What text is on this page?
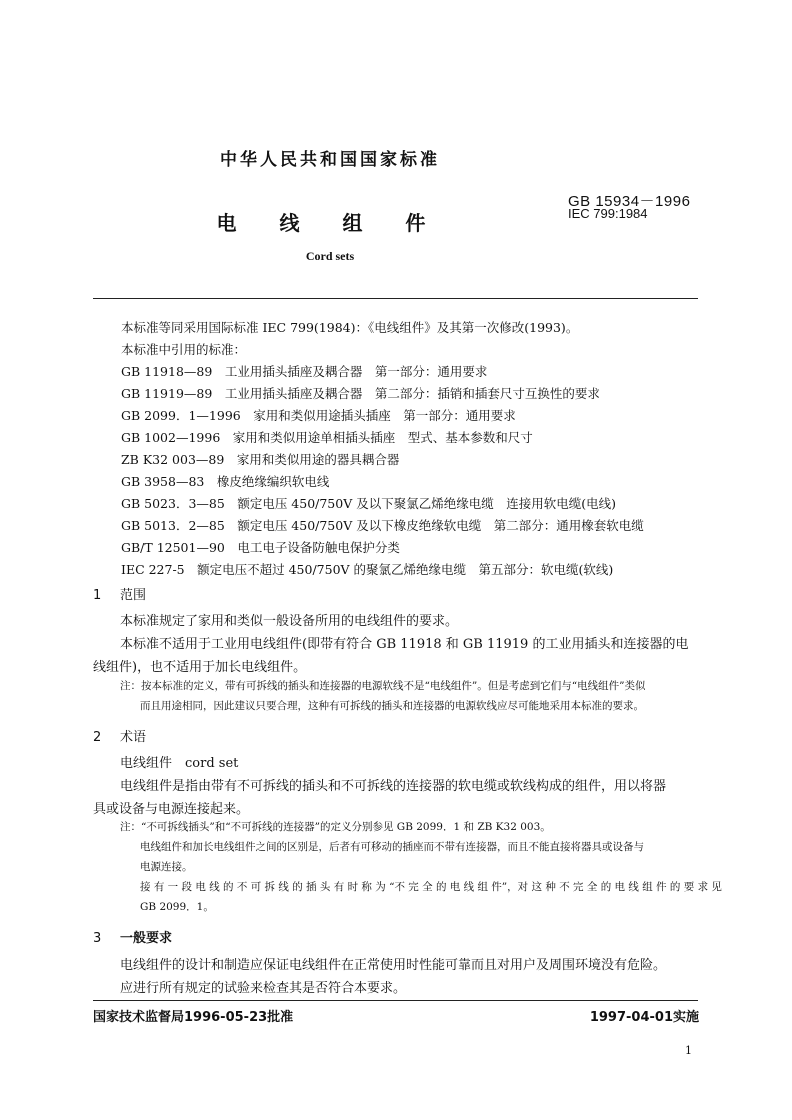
中华人民共和国国家标准
GB 15934－1996
IEC 799:1984
电 线 组 件
Cord sets
本标准等同采用国际标准 IEC 799(1984)：《电线组件》及其第一次修改(1993)。
本标准中引用的标准：
GB 11918—89　工业用插头插座及耦合器　第一部分：通用要求
GB 11919—89　工业用插头插座及耦合器　第二部分：插销和插套尺寸互换性的要求
GB 2099．1—1996　家用和类似用途插头插座　第一部分：通用要求
GB 1002—1996　家用和类似用途单相插头插座　型式、基本参数和尺寸
ZB K32 003—89　家用和类似用途的器具耦合器
GB 3958—83　橡皮绝缘编织软电线
GB 5023．3—85　额定电压 450/750V 及以下聚氯乙烯绝缘电缆　连接用软电缆(电线)
GB 5013．2—85　额定电压 450/750V 及以下橡皮绝缘软电缆　第二部分：通用橡套软电缆
GB/T 12501—90　电工电子设备防触电保护分类
IEC 227-5　额定电压不超过 450/750V 的聚氯乙烯绝缘电缆　第五部分：软电缆(软线)
1 范围
本标准规定了家用和类似一般设备所用的电线组件的要求。
本标准不适用于工业用电线组件(即带有符合 GB 11918 和 GB 11919 的工业用插头和连接器的电
线组件)，也不适用于加长电线组件。
注：按本标准的定义，带有可拆线的插头和连接器的电源软线不是“电线组件”。但是考虑到它们与“电线组件”类似
而且用途相同，因此建议只要合理，这种有可拆线的插头和连接器的电源软线应尽可能地采用本标准的要求。
2 术语
电线组件　cord set
电线组件是指由带有不可拆线的插头和不可拆线的连接器的软电缆或软线构成的组件，用以将器
具或设备与电源连接起来。
注：“不可拆线插头”和“不可拆线的连接器”的定义分别参见 GB 2099．1 和 ZB K32 003。
电线组件和加长电线组件之间的区别是，后者有可移动的插座而不带有连接器，而且不能直接将器具或设备与
电源连接。
接 有 一 段 电 线 的 不 可 拆 线 的 插 头 有 时 称 为 “不 完 全 的 电 线 组 件”，对 这 种 不 完 全 的 电 线 组 件 的 要 求 见
GB 2099．1。
3 一般要求
电线组件的设计和制造应保证电线组件在正常使用时性能可靠而且对用户及周围环境没有危险。
应进行所有规定的试验来检查其是否符合本要求。
国家技术监督局1996-05-23批准	1997-04-01实施
1
